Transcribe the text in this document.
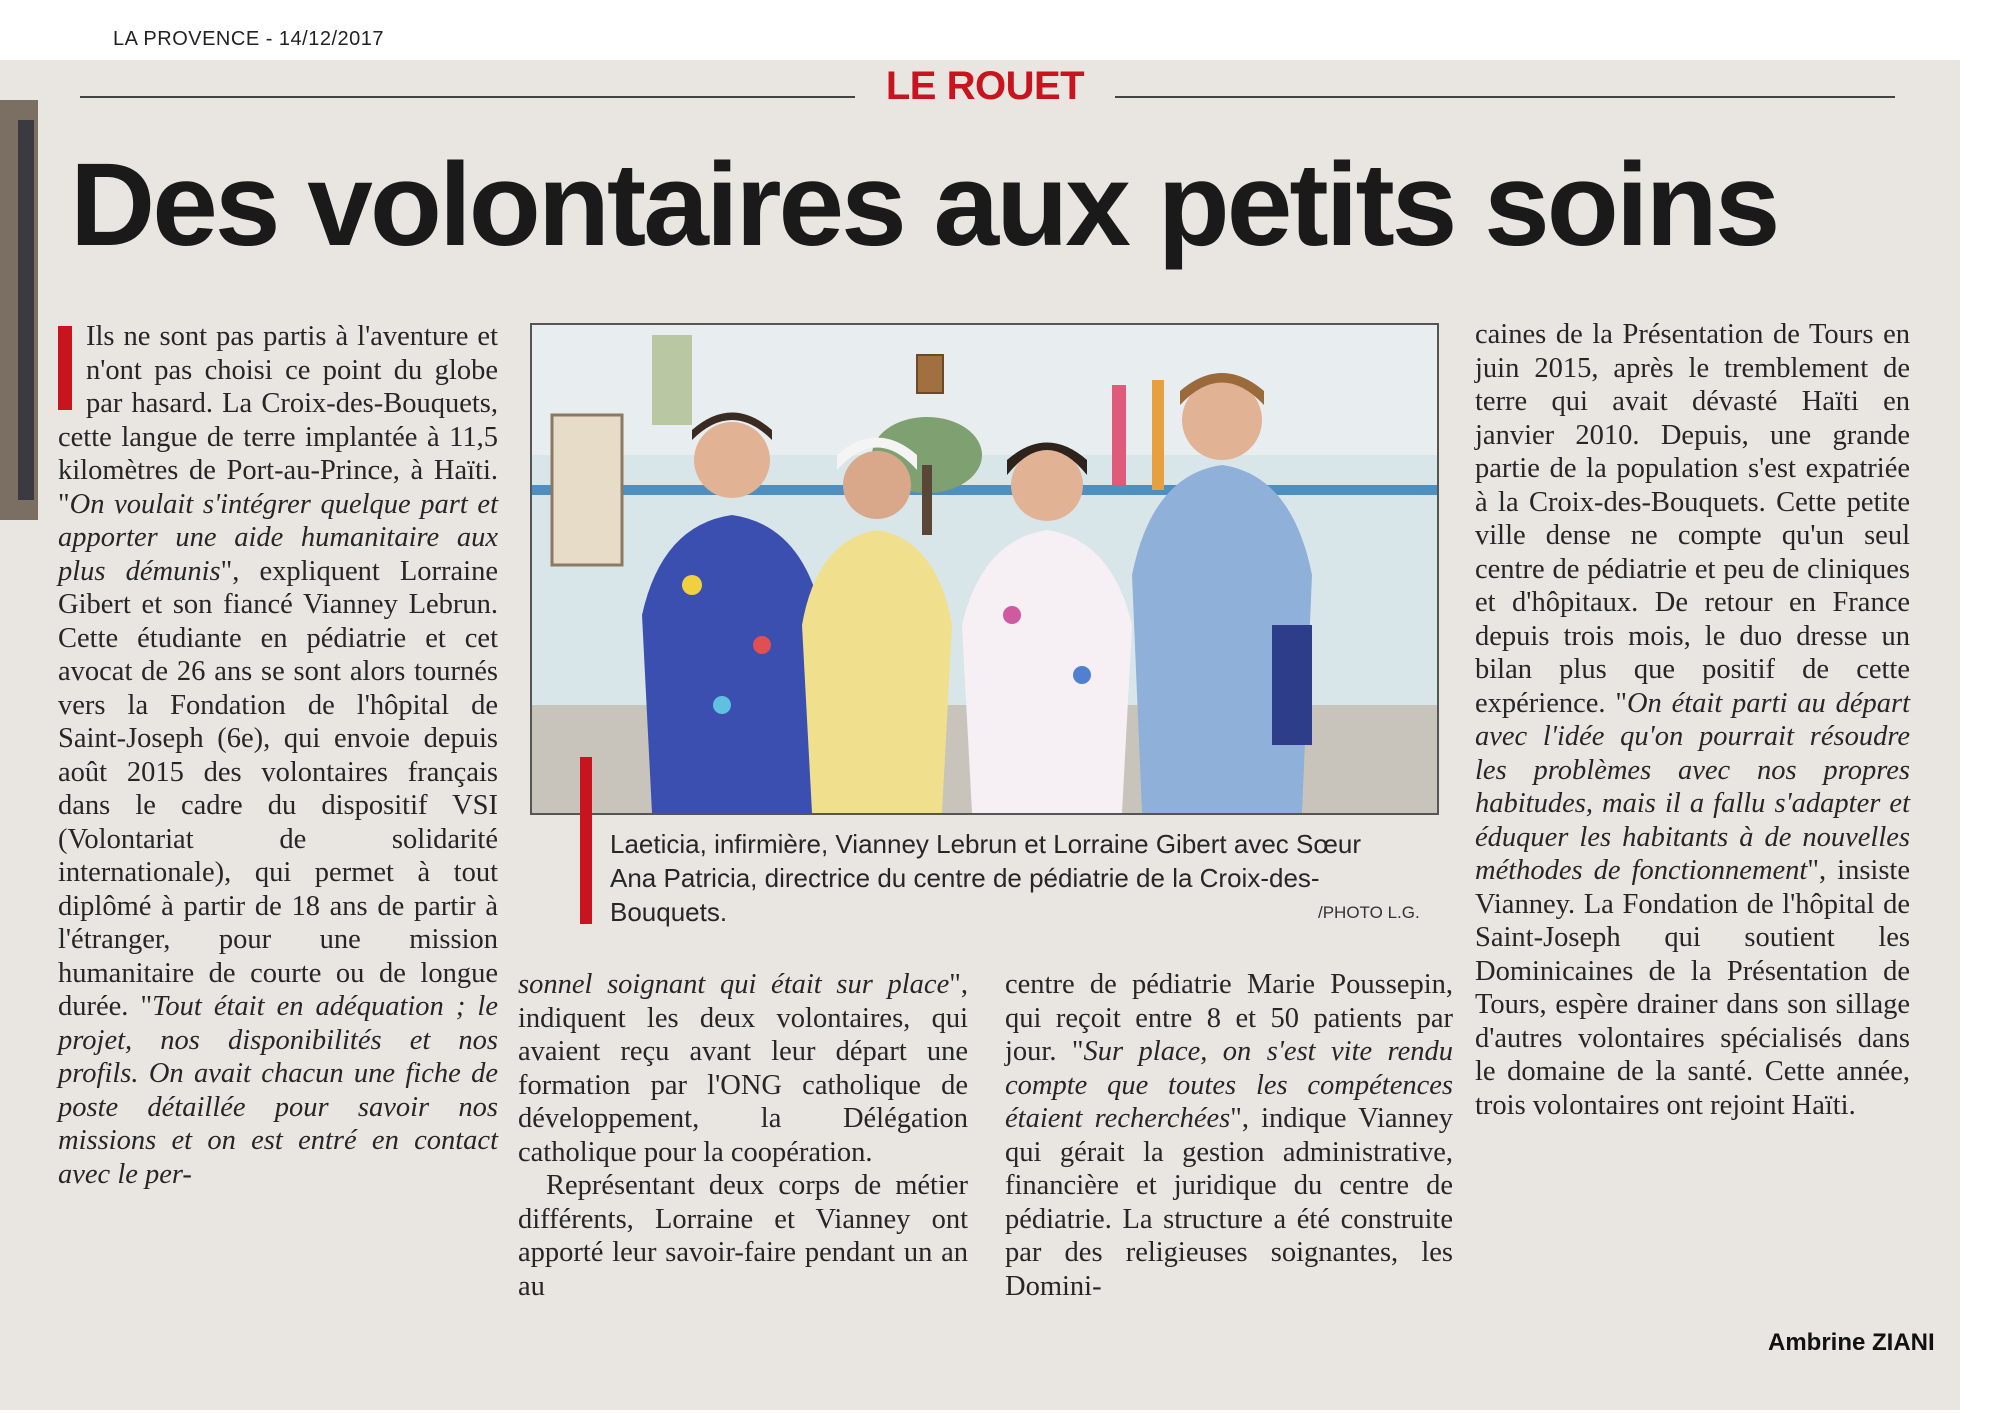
LA PROVENCE - 14/12/2017
LE ROUET
Des volontaires aux petits soins

Ils ne sont pas partis à l'aventure et n'ont pas choisi ce point du globe par hasard. La Croix-des-Bouquets, cette langue de terre implantée à 11,5 kilomètres de Port-au-Prince, à Haïti. "On voulait s'intégrer quelque part et apporter une aide humanitaire aux plus démunis", expliquent Lorraine Gibert et son fiancé Vianney Lebrun. Cette étudiante en pédiatrie et cet avocat de 26 ans se sont alors tournés vers la Fondation de l'hôpital de Saint-Joseph (6e), qui envoie depuis août 2015 des volontaires français dans le cadre du dispositif VSI (Volontariat de solidarité internationale), qui permet à tout diplômé à partir de 18 ans de partir à l'étranger, pour une mission humanitaire de courte ou de longue durée. "Tout était en adéquation ; le projet, nos disponibilités et nos profils. On avait chacun une fiche de poste détaillée pour savoir nos missions et on est entré en contact avec le per-

Laeticia, infirmière, Vianney Lebrun et Lorraine Gibert avec Sœur Ana Patricia, directrice du centre de pédiatrie de la Croix-des-Bouquets.	/PHOTO L.G.

sonnel soignant qui était sur place", indiquent les deux volontaires, qui avaient reçu avant leur départ une formation par l'ONG catholique de développement, la Délégation catholique pour la coopération.

Représentant deux corps de métier différents, Lorraine et Vianney ont apporté leur savoir-faire pendant un an au

centre de pédiatrie Marie Poussepin, qui reçoit entre 8 et 50 patients par jour. "Sur place, on s'est vite rendu compte que toutes les compétences étaient recherchées", indique Vianney qui gérait la gestion administrative, financière et juridique du centre de pédiatrie. La structure a été construite par des religieuses soignantes, les Domini-

caines de la Présentation de Tours en juin 2015, après le tremblement de terre qui avait dévasté Haïti en janvier 2010. Depuis, une grande partie de la population s'est expatriée à la Croix-des-Bouquets. Cette petite ville dense ne compte qu'un seul centre de pédiatrie et peu de cliniques et d'hôpitaux. De retour en France depuis trois mois, le duo dresse un bilan plus que positif de cette expérience. "On était parti au départ avec l'idée qu'on pourrait résoudre les problèmes avec nos propres habitudes, mais il a fallu s'adapter et éduquer les habitants à de nouvelles méthodes de fonctionnement", insiste Vianney. La Fondation de l'hôpital de Saint-Joseph qui soutient les Dominicaines de la Présentation de Tours, espère drainer dans son sillage d'autres volontaires spécialisés dans le domaine de la santé. Cette année, trois volontaires ont rejoint Haïti.

Ambrine ZIANI
